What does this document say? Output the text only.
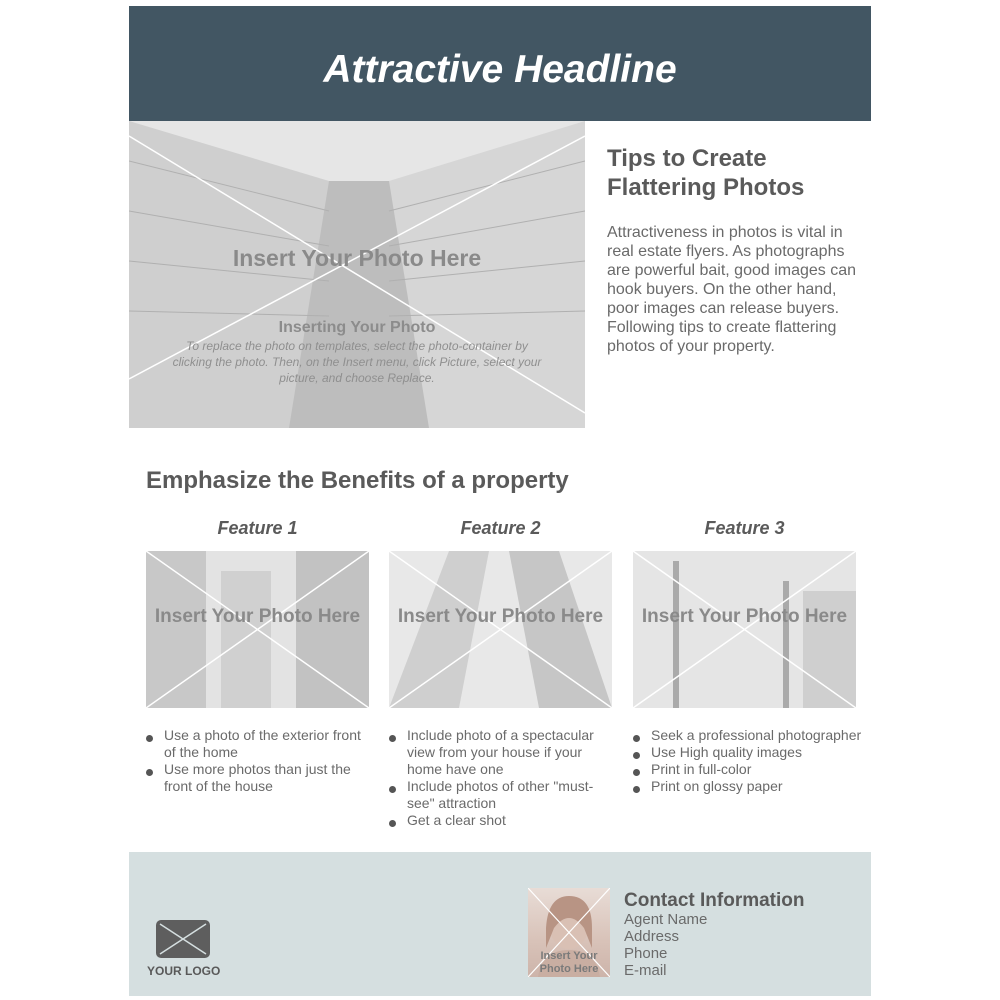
Attractive Headline
Insert Your Photo Here
Inserting Your Photo
To replace the photo on templates, select the photo-container by clicking the photo. Then, on the Insert menu, click Picture, select your picture, and choose Replace.
Tips to Create Flattering Photos
Attractiveness in photos is vital in real estate flyers. As photographs are powerful bait, good images can hook buyers. On the other hand, poor images can release buyers. Following tips to create flattering photos of your property.
Emphasize the Benefits of a property
Feature 1	Feature 2	Feature 3
Insert Your Photo Here	Insert Your Photo Here	Insert Your Photo Here
Use a photo of the exterior front of the home
Use more photos than just the front of the house
Include photo of a spectacular view from your house if your home have one
Include photos of other "must-see" attraction
Get a clear shot
Seek a professional photographer
Use High quality images
Print in full-color
Print on glossy paper
YOUR LOGO
Insert Your Photo Here
Contact Information
Agent Name
Address
Phone
E-mail
